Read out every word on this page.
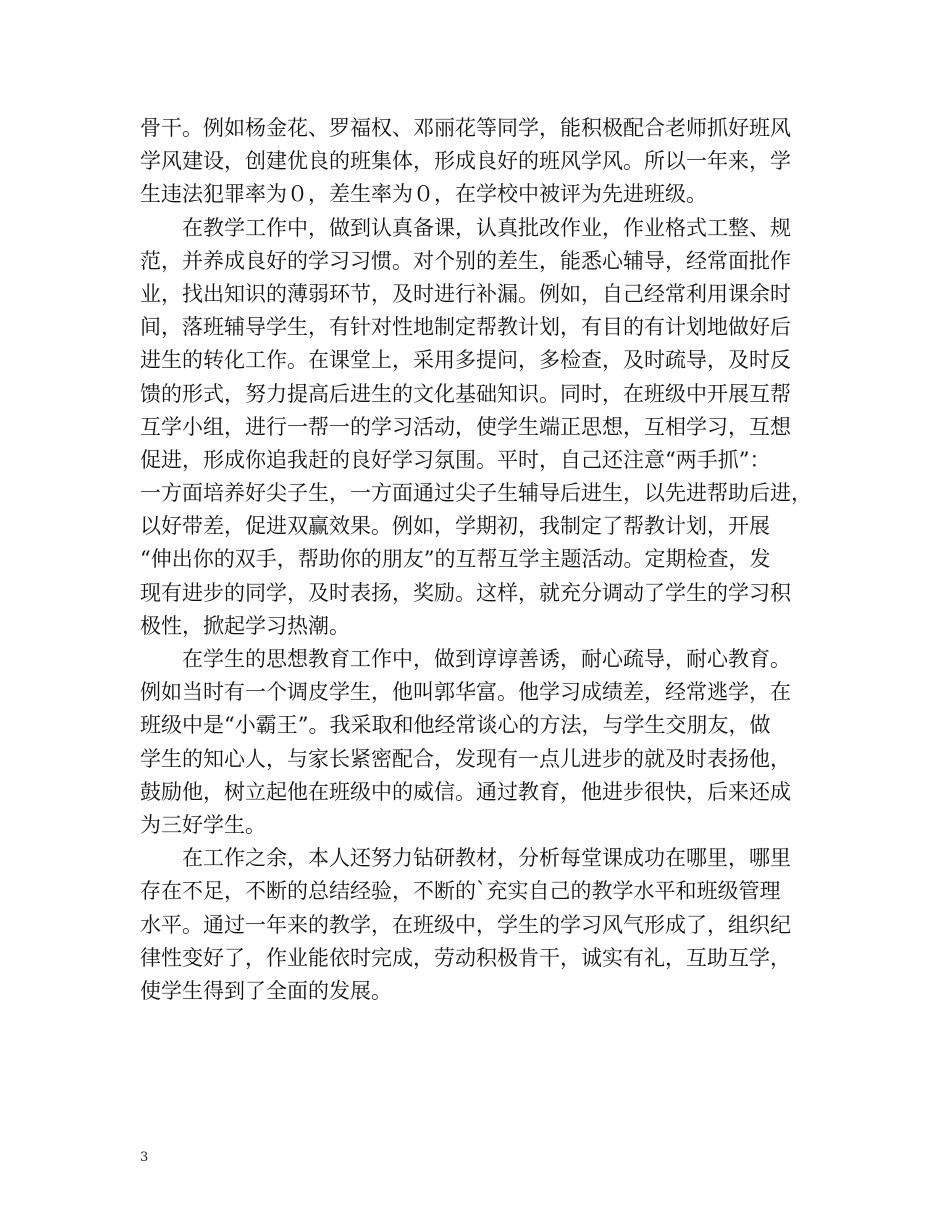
骨干。例如杨金花、罗福权、邓丽花等同学，能积极配合老师抓好班风
学风建设，创建优良的班集体，形成良好的班风学风。所以一年来，学
生违法犯罪率为０，差生率为０，在学校中被评为先进班级。
　　在教学工作中，做到认真备课，认真批改作业，作业格式工整、规
范，并养成良好的学习习惯。对个别的差生，能悉心辅导，经常面批作
业，找出知识的薄弱环节，及时进行补漏。例如，自己经常利用课余时
间，落班辅导学生，有针对性地制定帮教计划，有目的有计划地做好后
进生的转化工作。在课堂上，采用多提问，多检查，及时疏导，及时反
馈的形式，努力提高后进生的文化基础知识。同时，在班级中开展互帮
互学小组，进行一帮一的学习活动，使学生端正思想，互相学习，互想
促进，形成你追我赶的良好学习氛围。平时，自己还注意“两手抓”：
一方面培养好尖子生，一方面通过尖子生辅导后进生，以先进帮助后进，
以好带差，促进双赢效果。例如，学期初，我制定了帮教计划，开展
“伸出你的双手，帮助你的朋友”的互帮互学主题活动。定期检查，发
现有进步的同学，及时表扬，奖励。这样，就充分调动了学生的学习积
极性，掀起学习热潮。
　　在学生的思想教育工作中，做到谆谆善诱，耐心疏导，耐心教育。
例如当时有一个调皮学生，他叫郭华富。他学习成绩差，经常逃学，在
班级中是“小霸王”。我采取和他经常谈心的方法，与学生交朋友，做
学生的知心人，与家长紧密配合，发现有一点儿进步的就及时表扬他，
鼓励他，树立起他在班级中的威信。通过教育，他进步很快，后来还成
为三好学生。
　　在工作之余，本人还努力钻研教材，分析每堂课成功在哪里，哪里
存在不足，不断的总结经验，不断的`充实自己的教学水平和班级管理
水平。通过一年来的教学，在班级中，学生的学习风气形成了，组织纪
律性变好了，作业能依时完成，劳动积极肯干，诚实有礼，互助互学，
使学生得到了全面的发展。
3
